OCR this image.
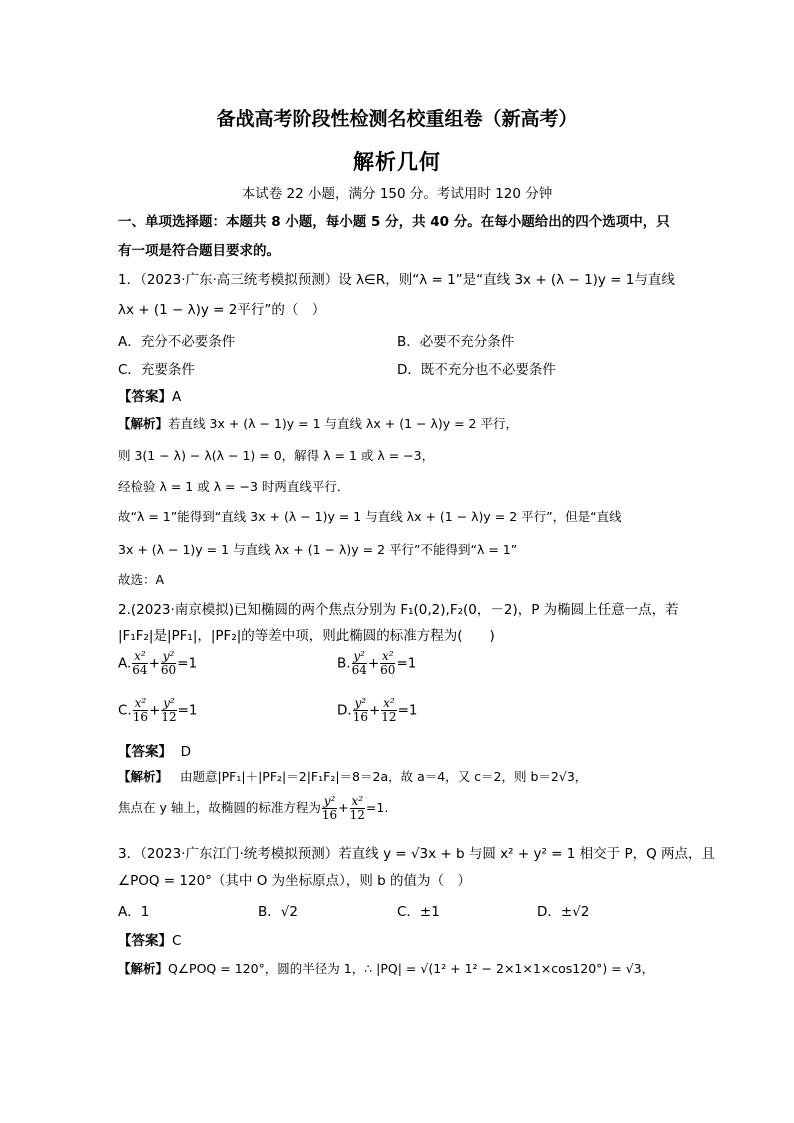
备战高考阶段性检测名校重组卷（新高考）
解析几何
本试卷 22 小题，满分 150 分。考试用时 120 分钟
一、单项选择题：本题共 8 小题，每小题 5 分，共 40 分。在每小题给出的四个选项中，只
有一项是符合题目要求的。
1．（2023·广东·高三统考模拟预测）设 λ∈R，则“λ = 1”是“直线 3x + (λ − 1)y = 1与直线
λx + (1 − λ)y = 2平行”的（　）
A．充分不必要条件	B．必要不充分条件
C．充要条件	D．既不充分也不必要条件
【答案】A
【解析】若直线 3x + (λ − 1)y = 1 与直线 λx + (1 − λ)y = 2 平行，
则 3(1 − λ) − λ(λ − 1) = 0，解得 λ = 1 或 λ = −3，
经检验 λ = 1 或 λ = −3 时两直线平行．
故“λ = 1”能得到“直线 3x + (λ − 1)y = 1 与直线 λx + (1 − λ)y = 2 平行”，但是“直线
3x + (λ − 1)y = 1 与直线 λx + (1 − λ)y = 2 平行”不能得到“λ = 1”
故选：A
2.(2023·南京模拟)已知椭圆的两个焦点分别为 F₁(0,2),F₂(0，－2)，P 为椭圆上任意一点，若
|F₁F₂|是|PF₁|，|PF₂|的等差中项，则此椭圆的标准方程为(　　)
A. $\frac{\text{x²}}{64} + \frac{\text{y²}}{60} =1$	B. $\frac{\text{y²}}{64} + \frac{\text{x²}}{60} =1$
C. $\frac{\text{x²}}{16} + \frac{\text{y²}}{12} =1$	D. $\frac{\text{y²}}{16} + \frac{\text{x²}}{12} =1$
【答案】 D
【解析】 由题意|PF₁|＋|PF₂|＝2|F₁F₂|＝8＝2a，故 a＝4，又 c＝2，则 b＝2√3，
焦点在 y 轴上，故椭圆的标准方程为 $\frac{\text{y²}}{16} + \frac{\text{x²}}{12} =1$.
3．（2023·广东江门·统考模拟预测）若直线 y = √3x + b 与圆 x² + y² = 1 相交于 P，Q 两点，且
∠POQ = 120°（其中 O 为坐标原点），则 b 的值为（　）
A．1	B．√2	C．±1	D．±√2
【答案】C
【解析】Q∠POQ = 120°，圆的半径为 1，∴ |PQ| = √(1² + 1² − 2×1×1×cos120°) = √3，
